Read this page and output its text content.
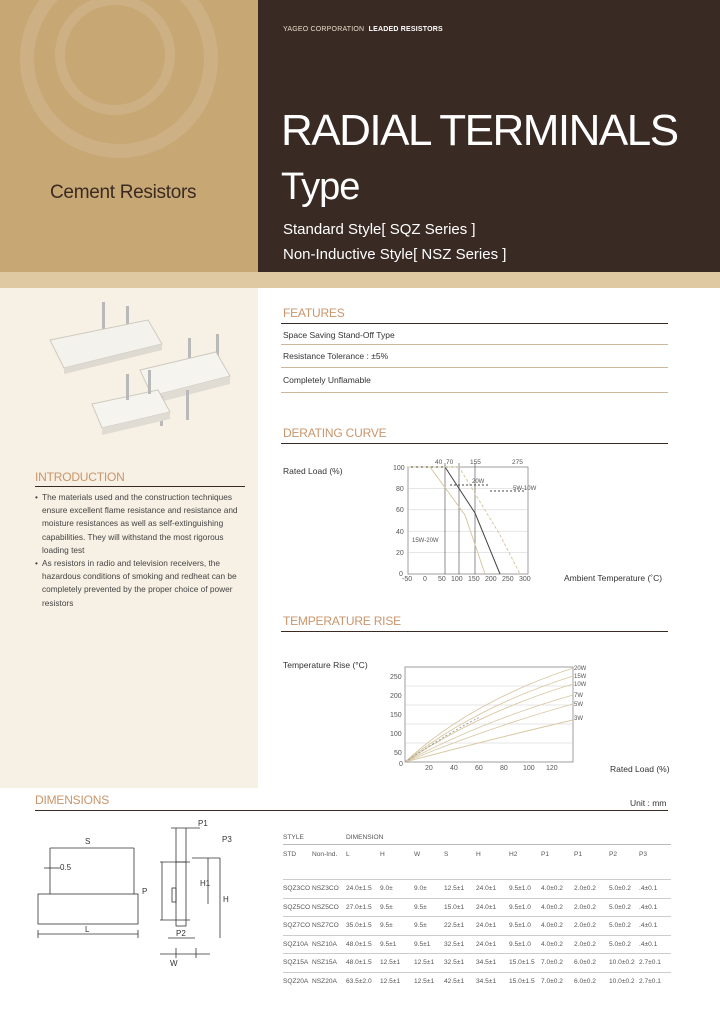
YAGEO CORPORATION LEADED RESISTORS
RADIAL TERMINALS
Type
Standard Style[ SQZ Series ]
Non-Inductive Style[ NSZ Series ]
Cement Resistors
FEATURES
Space Saving Stand-Off Type
Resistance Tolerance : ±5%
Completely Unflamable
INTRODUCTION
• The materials used and the construction techniques ensure excellent flame resistance and resistance and moisture resistances as well as self-extinguishing capabilities. They will withstand the most rigorous loading test
• As resistors in radio and television receivers, the hazardous conditions of smoking and redheat can be completely prevented by the proper choice of power resistors
DERATING CURVE
Rated Load (%)
Ambient Temperature (˚C)
100
80
60
40
20
0
-50 0 50 100 150 200 250 300
40 70	155	275
20W
5W-10W
15W-20W
TEMPERATURE RISE
Temperature Rise (°C)
Rated Load (%)
250
200
150
100
50
0
20 40 60 80 100 120
20W
15W
10W
7W
5W
3W
DIMENSIONS	Unit : mm
S
L
W
H
H1
P
P1
P2
P3
0.5
STYLE		DIMENSION									
STD	Non-Ind.	L	H	W	S	H	H2	P1	P1	P2	P3
SQZ3CO	NSZ3CO	24.0±1.5	9.0±	9.0±	12.5±1	24.0±1	9.5±1.0	4.0±0.2	2.0±0.2	5.0±0.2	.4±0.1
SQZ5CO	NSZ5CO	27.0±1.5	9.5±	9.5±	15.0±1	24.0±1	9.5±1.0	4.0±0.2	2.0±0.2	5.0±0.2	.4±0.1
SQZ7CO	NSZ7CO	35.0±1.5	9.5±	9.5±	22.5±1	24.0±1	9.5±1.0	4.0±0.2	2.0±0.2	5.0±0.2	.4±0.1
SQZ10A	NSZ10A	48.0±1.5	9.5±1	9.5±1	32.5±1	24.0±1	9.5±1.0	4.0±0.2	2.0±0.2	5.0±0.2	.4±0.1
SQZ15A	NSZ15A	48.0±1.5	12.5±1	12.5±1	32.5±1	34.5±1	15.0±1.5	7.0±0.2	6.0±0.2	10.0±0.2	2.7±0.1
SQZ20A	NSZ20A	63.5±2.0	12.5±1	12.5±1	42.5±1	34.5±1	15.0±1.5	7.0±0.2	6.0±0.2	10.0±0.2	2.7±0.1
